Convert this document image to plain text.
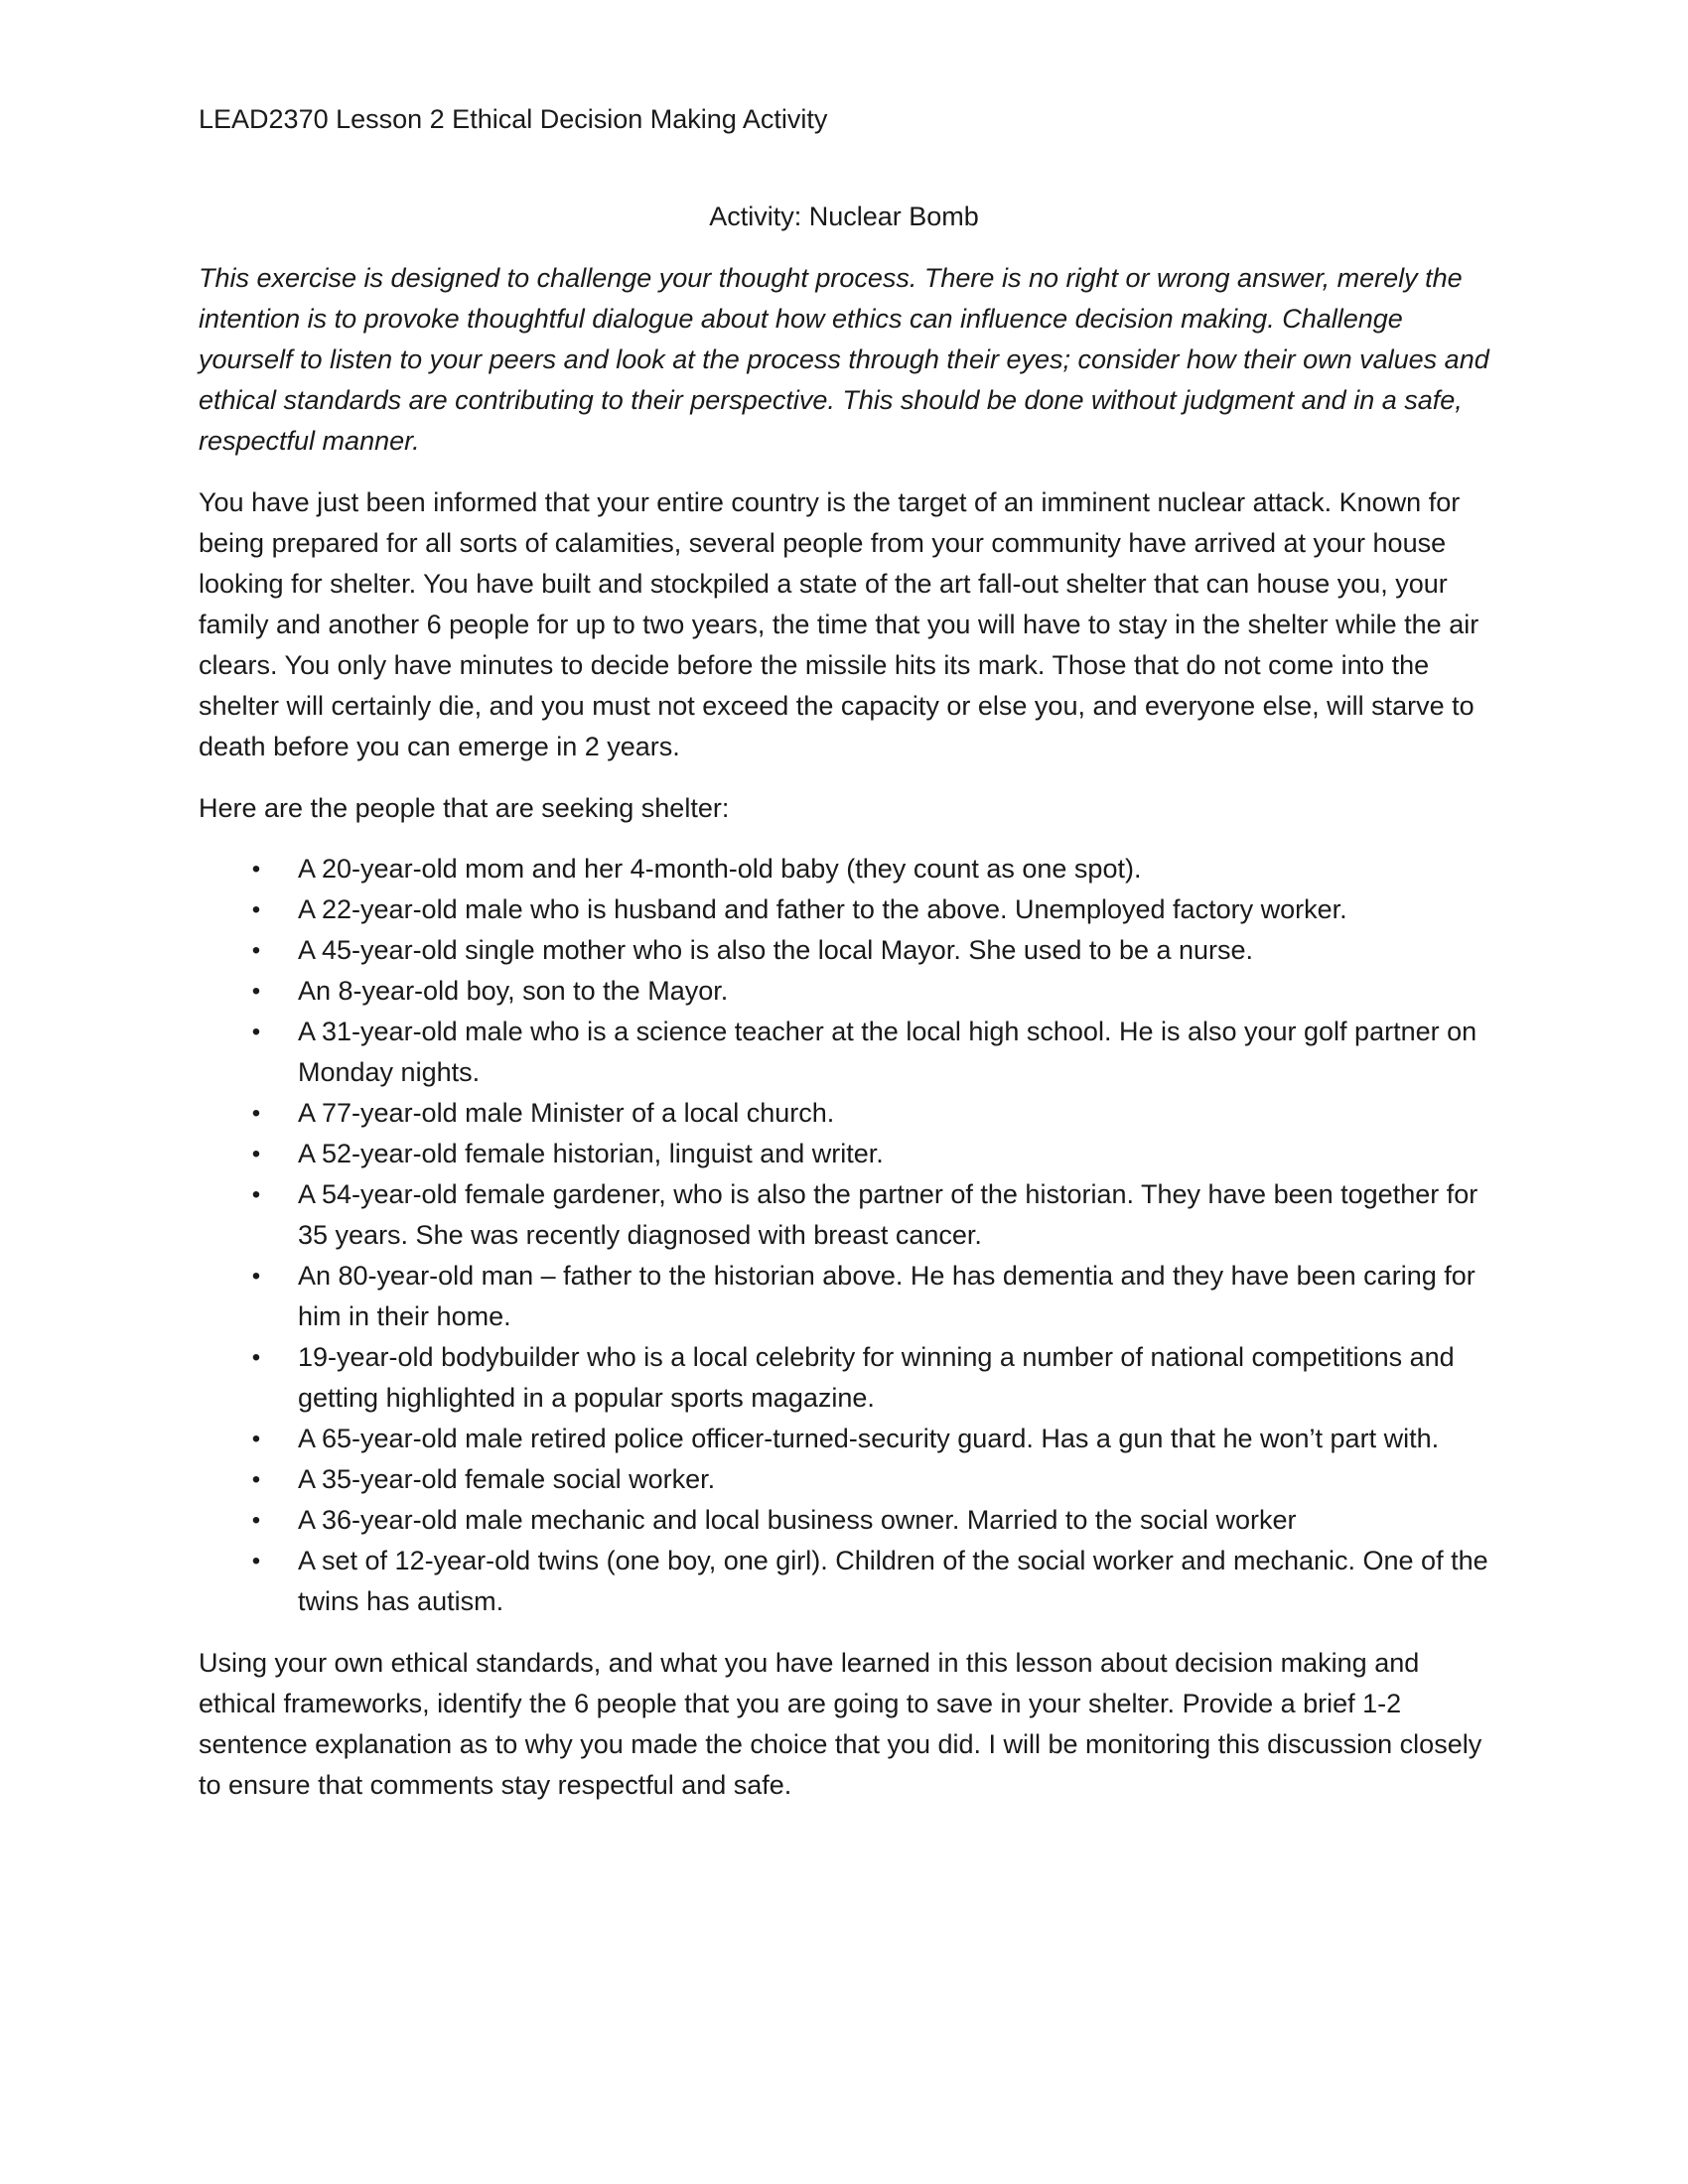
LEAD2370 Lesson 2 Ethical Decision Making Activity
Activity: Nuclear Bomb

This exercise is designed to challenge your thought process. There is no right or wrong answer, merely the intention is to provoke thoughtful dialogue about how ethics can influence decision making. Challenge yourself to listen to your peers and look at the process through their eyes; consider how their own values and ethical standards are contributing to their perspective. This should be done without judgment and in a safe, respectful manner.

You have just been informed that your entire country is the target of an imminent nuclear attack. Known for being prepared for all sorts of calamities, several people from your community have arrived at your house looking for shelter. You have built and stockpiled a state of the art fall-out shelter that can house you, your family and another 6 people for up to two years, the time that you will have to stay in the shelter while the air clears. You only have minutes to decide before the missile hits its mark. Those that do not come into the shelter will certainly die, and you must not exceed the capacity or else you, and everyone else, will starve to death before you can emerge in 2 years.

Here are the people that are seeking shelter:

• A 20-year-old mom and her 4-month-old baby (they count as one spot).
• A 22-year-old male who is husband and father to the above. Unemployed factory worker.
• A 45-year-old single mother who is also the local Mayor. She used to be a nurse.
• An 8-year-old boy, son to the Mayor.
• A 31-year-old male who is a science teacher at the local high school. He is also your golf partner on Monday nights.
• A 77-year-old male Minister of a local church.
• A 52-year-old female historian, linguist and writer.
• A 54-year-old female gardener, who is also the partner of the historian. They have been together for 35 years. She was recently diagnosed with breast cancer.
• An 80-year-old man – father to the historian above. He has dementia and they have been caring for him in their home.
• 19-year-old bodybuilder who is a local celebrity for winning a number of national competitions and getting highlighted in a popular sports magazine.
• A 65-year-old male retired police officer-turned-security guard. Has a gun that he won’t part with.
• A 35-year-old female social worker.
• A 36-year-old male mechanic and local business owner. Married to the social worker
• A set of 12-year-old twins (one boy, one girl). Children of the social worker and mechanic. One of the twins has autism.

Using your own ethical standards, and what you have learned in this lesson about decision making and ethical frameworks, identify the 6 people that you are going to save in your shelter. Provide a brief 1-2 sentence explanation as to why you made the choice that you did. I will be monitoring this discussion closely to ensure that comments stay respectful and safe.
